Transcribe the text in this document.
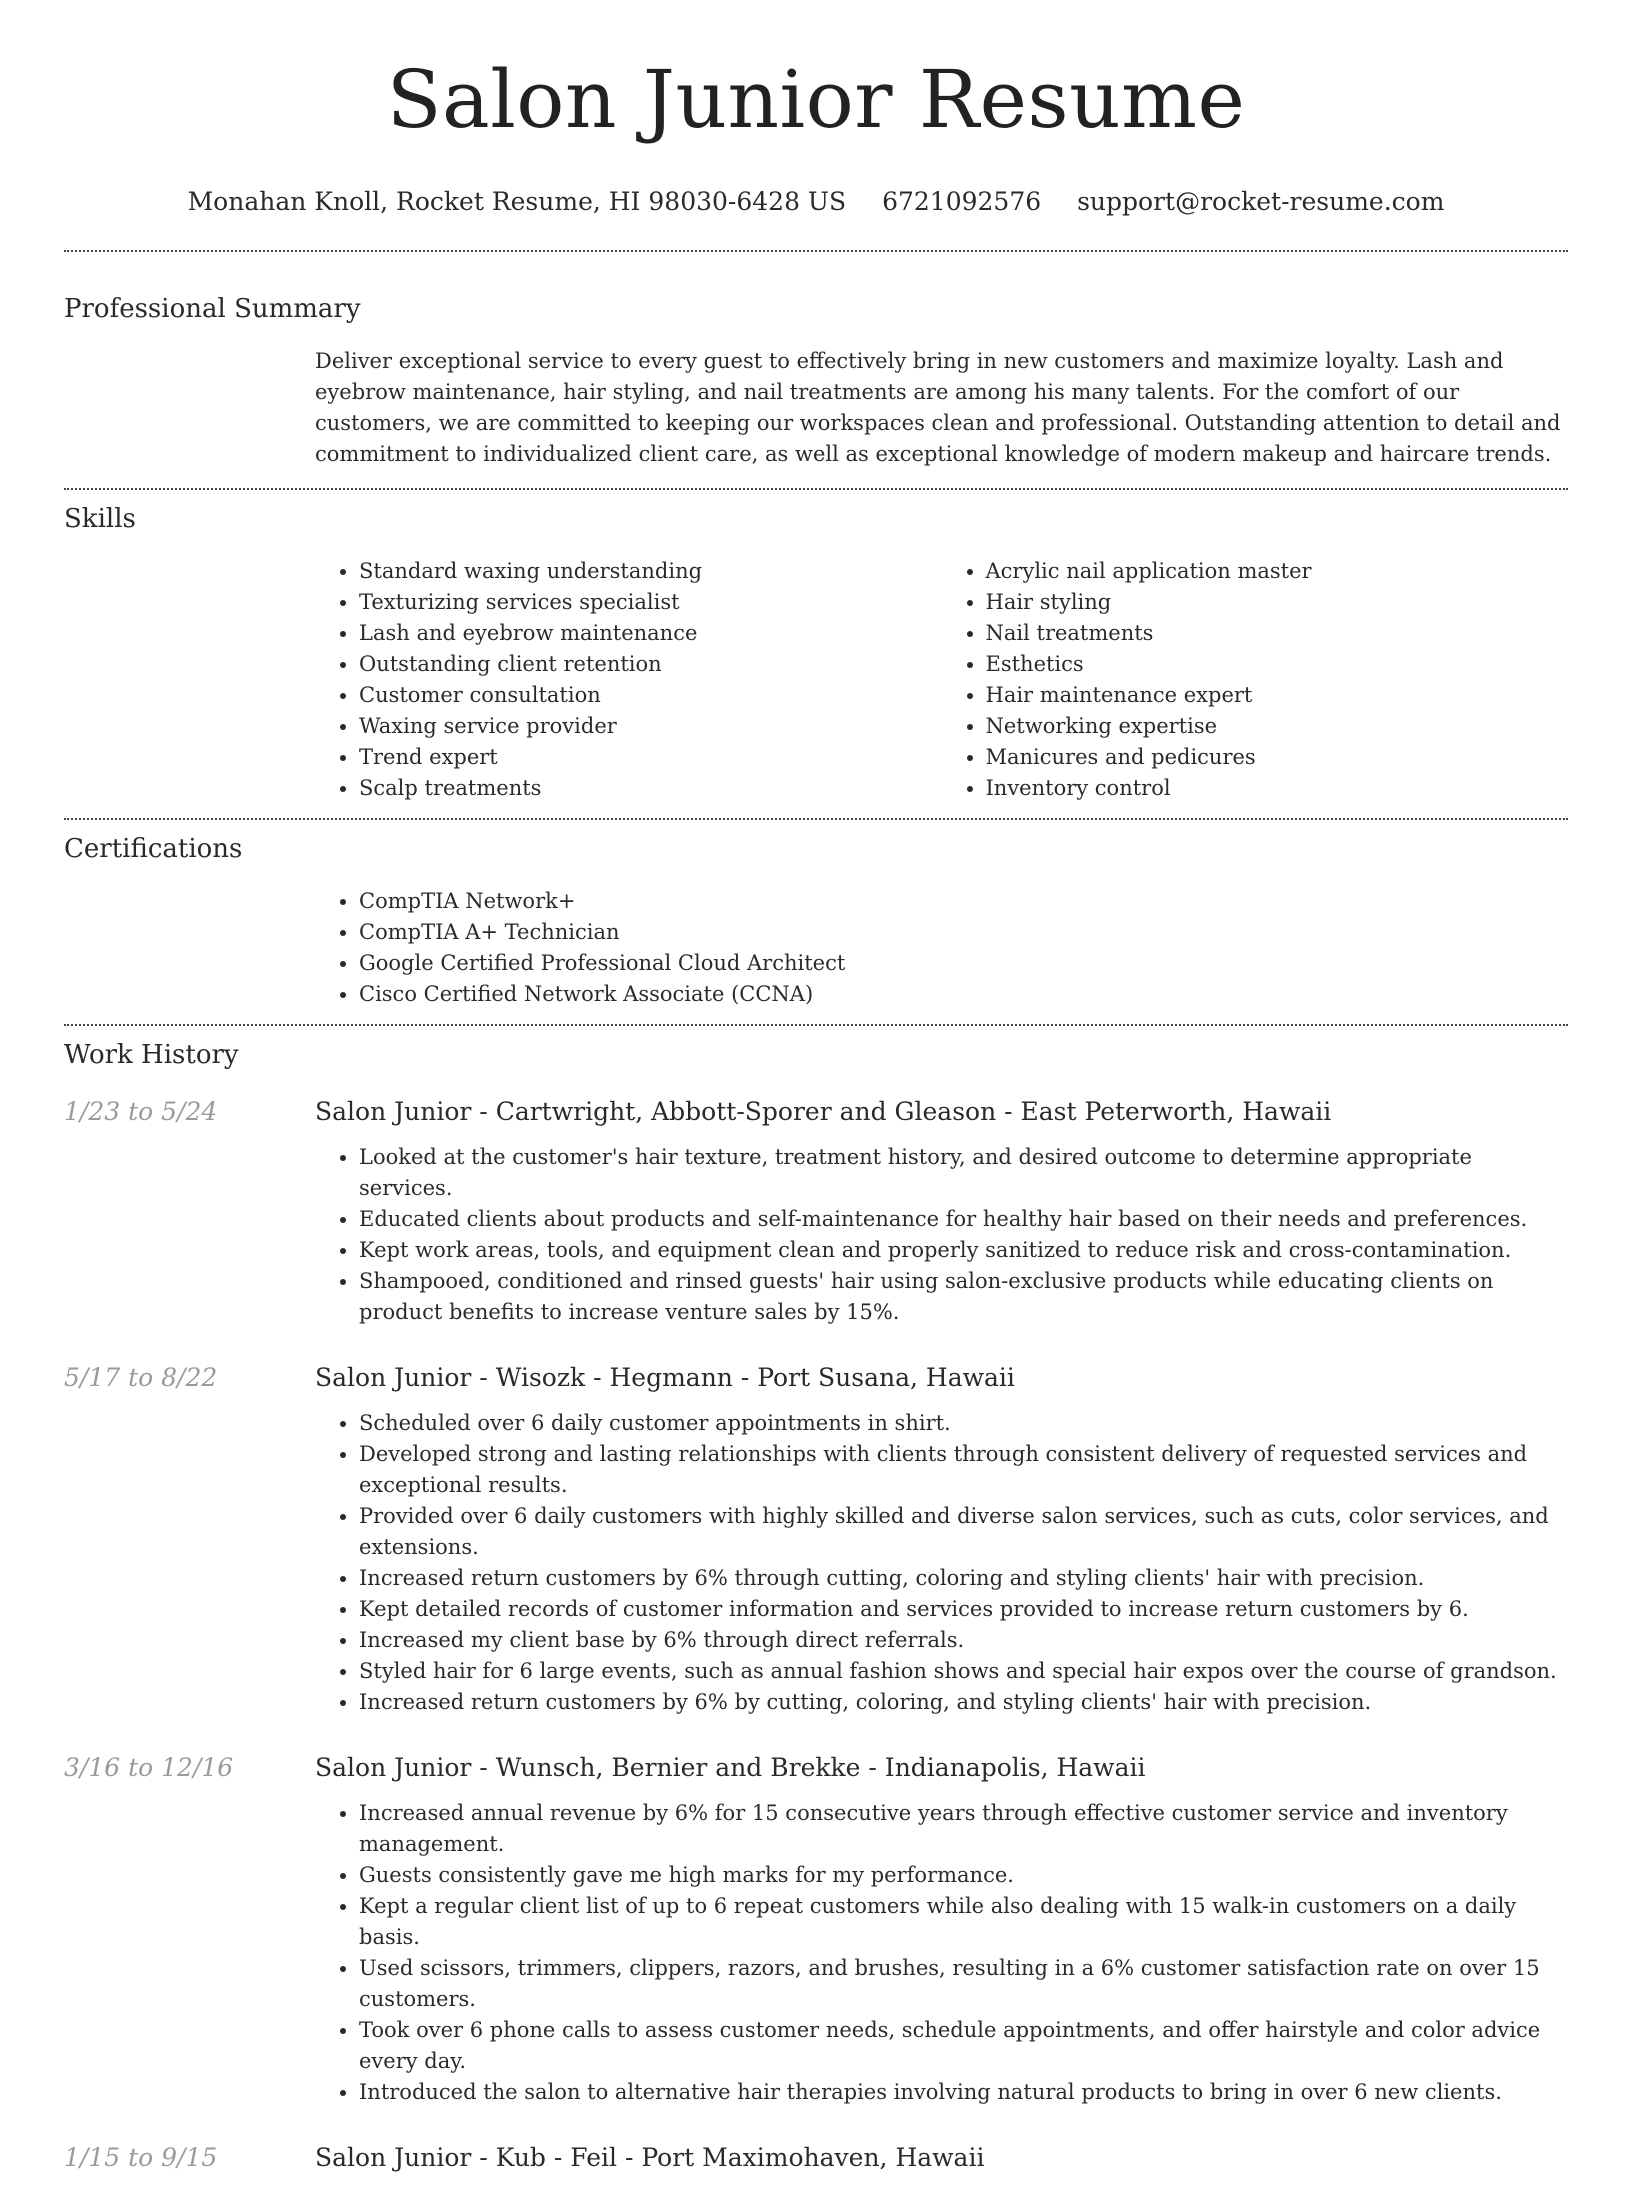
Salon Junior Resume
Monahan Knoll, Rocket Resume, HI 98030-6428 US 6721092576 support@rocket-resume.com
Professional Summary

Deliver exceptional service to every guest to effectively bring in new customers and maximize loyalty. Lash and eyebrow maintenance, hair styling, and nail treatments are among his many talents. For the comfort of our customers, we are committed to keeping our workspaces clean and professional. Outstanding attention to detail and commitment to individualized client care, as well as exceptional knowledge of modern makeup and haircare trends.

Skills
• Standard waxing understanding
• Texturizing services specialist
• Lash and eyebrow maintenance
• Outstanding client retention
• Customer consultation
• Waxing service provider
• Trend expert
• Scalp treatments
• Acrylic nail application master
• Hair styling
• Nail treatments
• Esthetics
• Hair maintenance expert
• Networking expertise
• Manicures and pedicures
• Inventory control
Certifications
• CompTIA Network+
• CompTIA A+ Technician
• Google Certified Professional Cloud Architect
• Cisco Certified Network Associate (CCNA)
Work History
1/23 to 5/24	Salon Junior - Cartwright, Abbott-Sporer and Gleason - East Peterworth, Hawaii
• Looked at the customer's hair texture, treatment history, and desired outcome to determine appropriate services.
• Educated clients about products and self-maintenance for healthy hair based on their needs and preferences.
• Kept work areas, tools, and equipment clean and properly sanitized to reduce risk and cross-contamination.
• Shampooed, conditioned and rinsed guests' hair using salon-exclusive products while educating clients on product benefits to increase venture sales by 15%.
5/17 to 8/22	Salon Junior - Wisozk - Hegmann - Port Susana, Hawaii
• Scheduled over 6 daily customer appointments in shirt.
• Developed strong and lasting relationships with clients through consistent delivery of requested services and exceptional results.
• Provided over 6 daily customers with highly skilled and diverse salon services, such as cuts, color services, and extensions.
• Increased return customers by 6% through cutting, coloring and styling clients' hair with precision.
• Kept detailed records of customer information and services provided to increase return customers by 6.
• Increased my client base by 6% through direct referrals.
• Styled hair for 6 large events, such as annual fashion shows and special hair expos over the course of grandson.
• Increased return customers by 6% by cutting, coloring, and styling clients' hair with precision.
3/16 to 12/16	Salon Junior - Wunsch, Bernier and Brekke - Indianapolis, Hawaii
• Increased annual revenue by 6% for 15 consecutive years through effective customer service and inventory management.
• Guests consistently gave me high marks for my performance.
• Kept a regular client list of up to 6 repeat customers while also dealing with 15 walk-in customers on a daily basis.
• Used scissors, trimmers, clippers, razors, and brushes, resulting in a 6% customer satisfaction rate on over 15 customers.
• Took over 6 phone calls to assess customer needs, schedule appointments, and offer hairstyle and color advice every day.
• Introduced the salon to alternative hair therapies involving natural products to bring in over 6 new clients.
1/15 to 9/15	Salon Junior - Kub - Feil - Port Maximohaven, Hawaii
